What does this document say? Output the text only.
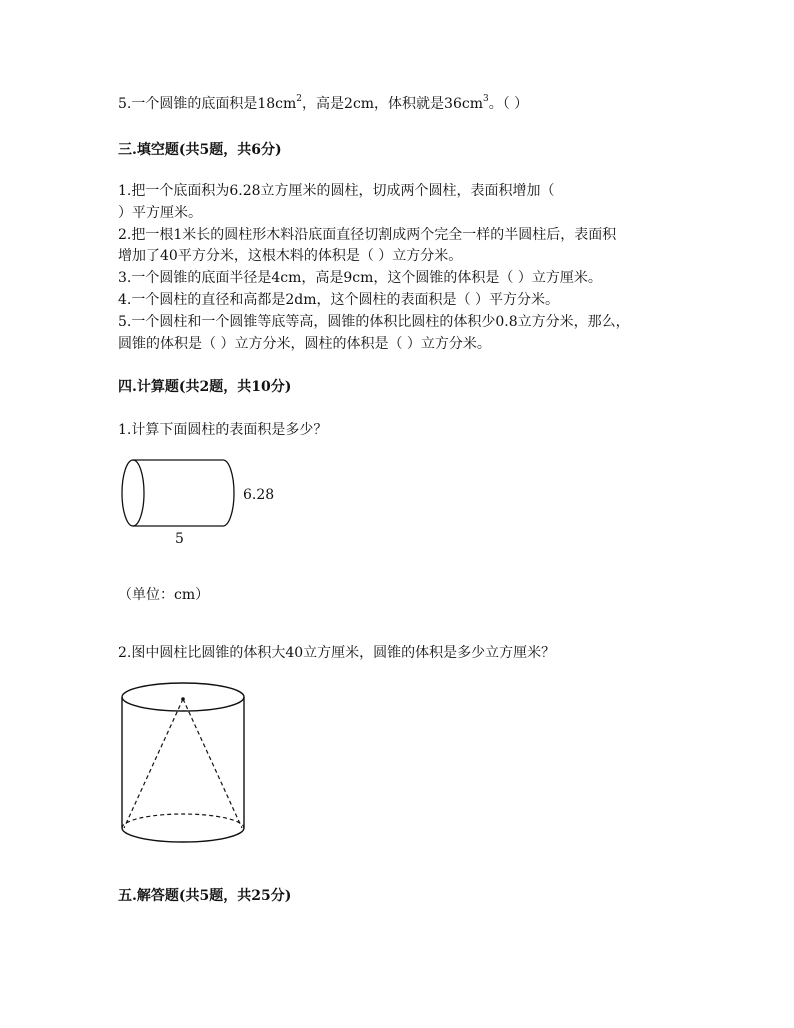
5.一个圆锥的底面积是$18cm^2$，高是2cm，体积就是$36cm^3$。（ ）
三.填空题(共5题，共6分)
1.把一个底面积为6.28立方厘米的圆柱，切成两个圆柱，表面积增加（
）平方厘米。
2.把一根1米长的圆柱形木料沿底面直径切割成两个完全一样的半圆柱后，表面积
增加了40平方分米，这根木料的体积是（ ）立方分米。
3.一个圆锥的底面半径是4cm，高是9cm，这个圆锥的体积是（ ）立方厘米。
4.一个圆柱的直径和高都是2dm，这个圆柱的表面积是（ ）平方分米。
5.一个圆柱和一个圆锥等底等高，圆锥的体积比圆柱的体积少0.8立方分米，那么，
圆锥的体积是（ ）立方分米，圆柱的体积是（ ）立方分米。
四.计算题(共2题，共10分)
1.计算下面圆柱的表面积是多少？
6.28
5
（单位：cm）
2.图中圆柱比圆锥的体积大40立方厘米，圆锥的体积是多少立方厘米？
五.解答题(共5题，共25分)
